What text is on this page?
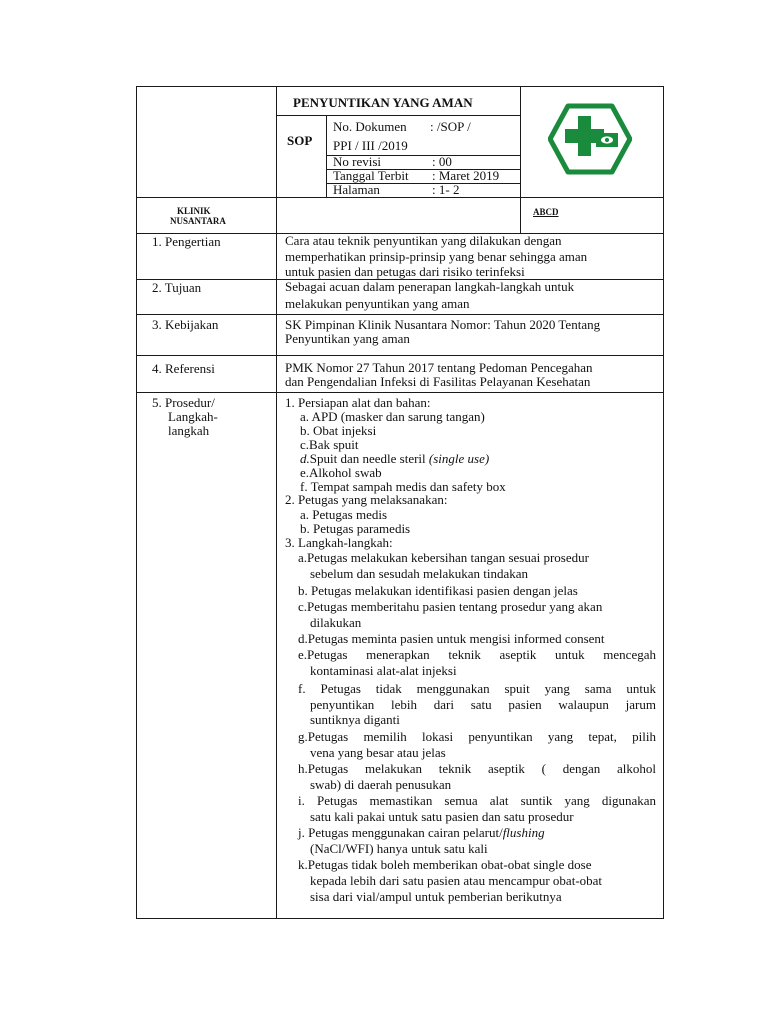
PENYUNTIKAN YANG AMAN
SOP
No. Dokumen : /SOP /
PPI / III /2019
No revisi	: 00
Tanggal Terbit : Maret 2019
Halaman	: 1- 2
KLINIK
NUSANTARA
ABCD
1. Pengertian	Cara atau teknik penyuntikan yang dilakukan dengan
memperhatikan prinsip-prinsip yang benar sehingga aman
untuk pasien dan petugas dari risiko terinfeksi
2. Tujuan	Sebagai acuan dalam penerapan langkah-langkah untuk
melakukan penyuntikan yang aman
3. Kebijakan	SK Pimpinan Klinik Nusantara Nomor: Tahun 2020 Tentang
Penyuntikan yang aman
4. Referensi	PMK Nomor 27 Tahun 2017 tentang Pedoman Pencegahan
dan Pengendalian Infeksi di Fasilitas Pelayanan Kesehatan
5. Prosedur/
Langkah-
langkah
1. Persiapan alat dan bahan:
a. APD (masker dan sarung tangan)
b. Obat injeksi
c.Bak spuit
d.Spuit dan needle steril (single use)
e.Alkohol swab
f. Tempat sampah medis dan safety box
2. Petugas yang melaksanakan:
a. Petugas medis
b. Petugas paramedis
3. Langkah-langkah:
a.Petugas melakukan kebersihan tangan sesuai prosedur
sebelum dan sesudah melakukan tindakan
b. Petugas melakukan identifikasi pasien dengan jelas
c.Petugas memberitahu pasien tentang prosedur yang akan
dilakukan
d.Petugas meminta pasien untuk mengisi informed consent
e.Petugas menerapkan teknik aseptik untuk mencegah
kontaminasi alat-alat injeksi
f. Petugas tidak menggunakan spuit yang sama untuk
penyuntikan lebih dari satu pasien walaupun jarum
suntiknya diganti
g.Petugas memilih lokasi penyuntikan yang tepat, pilih
vena yang besar atau jelas
h.Petugas melakukan teknik aseptik ( dengan alkohol
swab) di daerah penusukan
i. Petugas memastikan semua alat suntik yang digunakan
satu kali pakai untuk satu pasien dan satu prosedur
j. Petugas menggunakan cairan pelarut/flushing
(NaCl/WFI) hanya untuk satu kali
k.Petugas tidak boleh memberikan obat-obat single dose
kepada lebih dari satu pasien atau mencampur obat-obat
sisa dari vial/ampul untuk pemberian berikutnya
